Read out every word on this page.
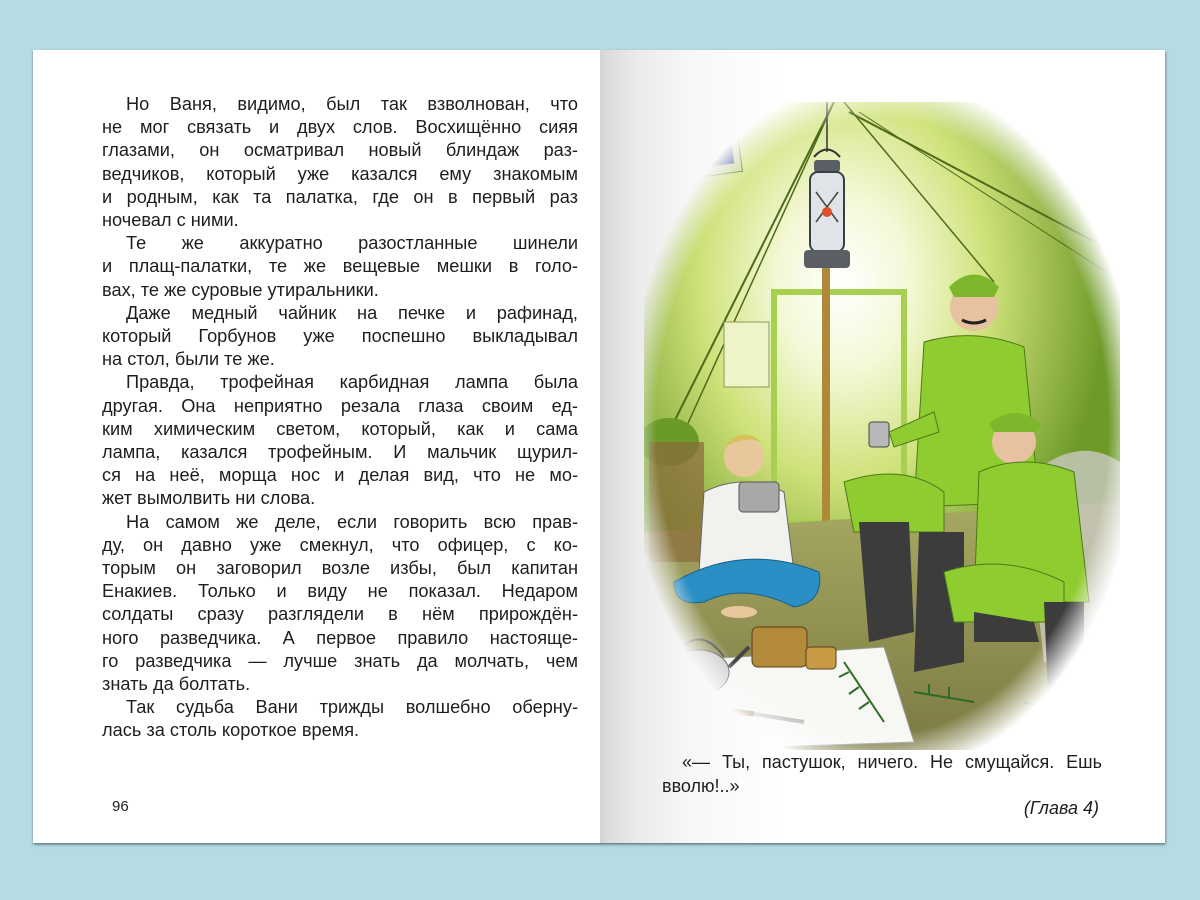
Но Ваня, видимо, был так взволнован, что
не мог связать и двух слов. Восхищённо сияя
глазами, он осматривал новый блиндаж раз-
ведчиков, который уже казался ему знакомым
и родным, как та палатка, где он в первый раз
ночевал с ними.
Те же аккуратно разостланные шинели
и плащ-палатки, те же вещевые мешки в голо-
вах, те же суровые утиральники.
Даже медный чайник на печке и рафинад,
который Горбунов уже поспешно выкладывал
на стол, были те же.
Правда, трофейная карбидная лампа была
другая. Она неприятно резала глаза своим ед-
ким химическим светом, который, как и сама
лампа, казался трофейным. И мальчик щурил-
ся на неё, морща нос и делая вид, что не мо-
жет вымолвить ни слова.
На самом же деле, если говорить всю прав-
ду, он давно уже смекнул, что офицер, с ко-
торым он заговорил возле избы, был капитан
Енакиев. Только и виду не показал. Недаром
солдаты сразу разглядели в нём прирождён-
ного разведчика. А первое правило настояще-
го разведчика — лучше знать да молчать, чем
знать да болтать.
Так судьба Вани трижды волшебно оберну-
лась за столь короткое время.
96
«— Ты, пастушок, ничего. Не смущайся. Ешь
вволю!..»
(Глава 4)
